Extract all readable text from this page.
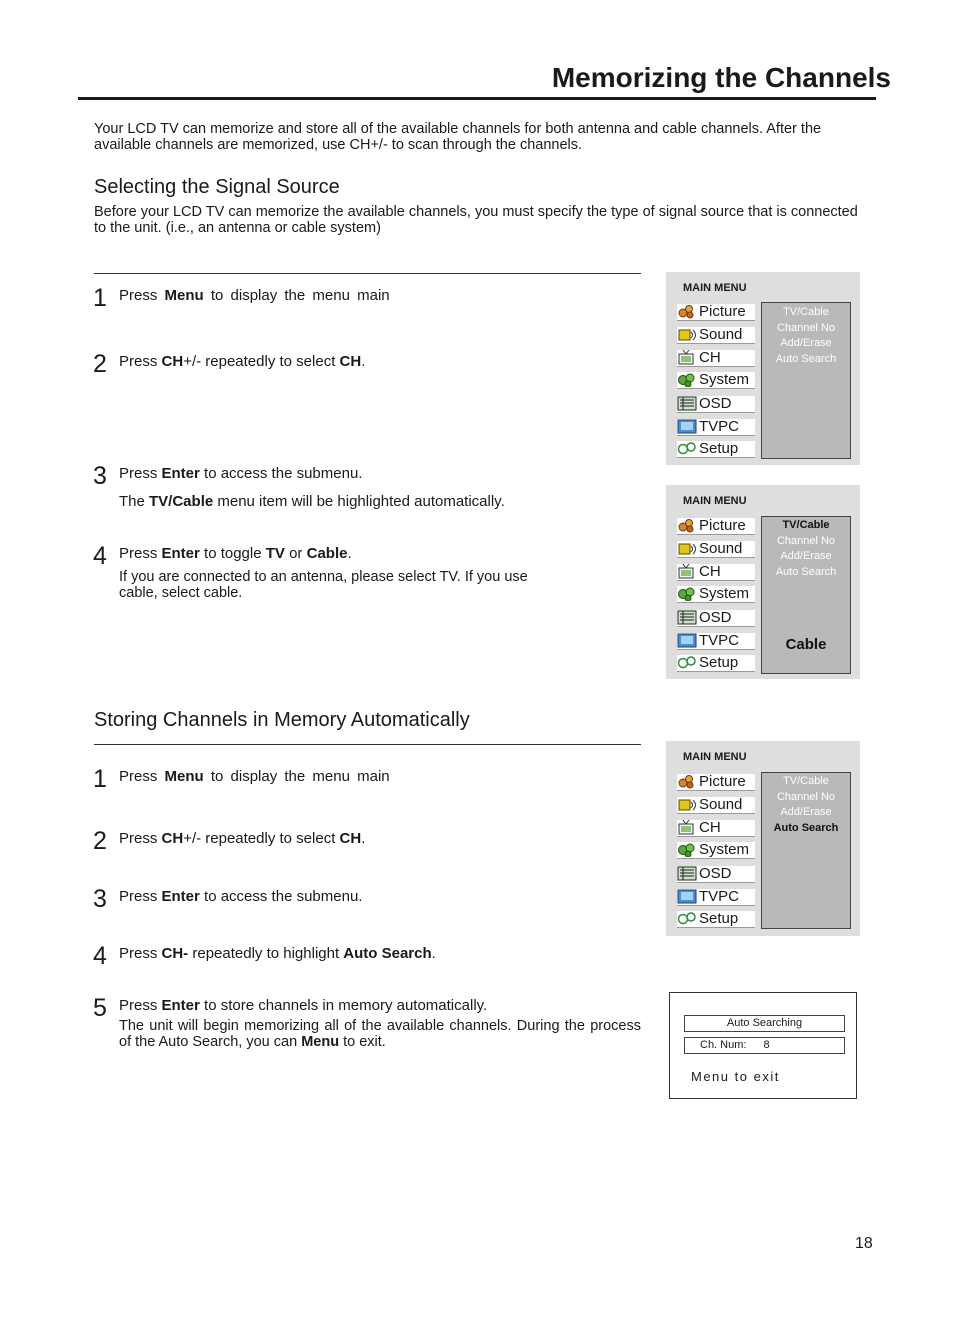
Memorizing the Channels
Your LCD TV can memorize and store all of the available channels for both antenna and cable channels. After the available channels are memorized, use CH+/- to scan through the channels.
Selecting the Signal Source
Before your LCD TV can memorize the available channels, you must specify the type of signal source that is connected to the unit. (i.e., an antenna or cable system)
1 Press Menu to display the menu main
2 Press CH+/- repeatedly to select CH.
3 Press Enter to access the submenu.
The TV/Cable menu item will be highlighted automatically.
4 Press Enter to toggle TV or Cable.
If you are connected to an antenna, please select TV. If you use cable, select cable.
Storing Channels in Memory Automatically
1 Press Menu to display the menu main
2 Press CH+/- repeatedly to select CH.
3 Press Enter to access the submenu.
4 Press CH- repeatedly to highlight Auto Search.
5 Press Enter to store channels in memory automatically.
The unit will begin memorizing all of the available channels. During the process of the Auto Search, you can Menu to exit.
MAIN MENU
Picture
Sound
CH
System
OSD
TVPC
Setup
TV/Cable
Channel No
Add/Erase
Auto Search
MAIN MENU
Picture
Sound
CH
System
OSD
TVPC
Setup
TV/Cable
Channel No
Add/Erase
Auto Search
Cable
MAIN MENU
Picture
Sound
CH
System
OSD
TVPC
Setup
TV/Cable
Channel No
Add/Erase
Auto Search
Auto Searching
Ch. Num: 8
Menu to exit
18
